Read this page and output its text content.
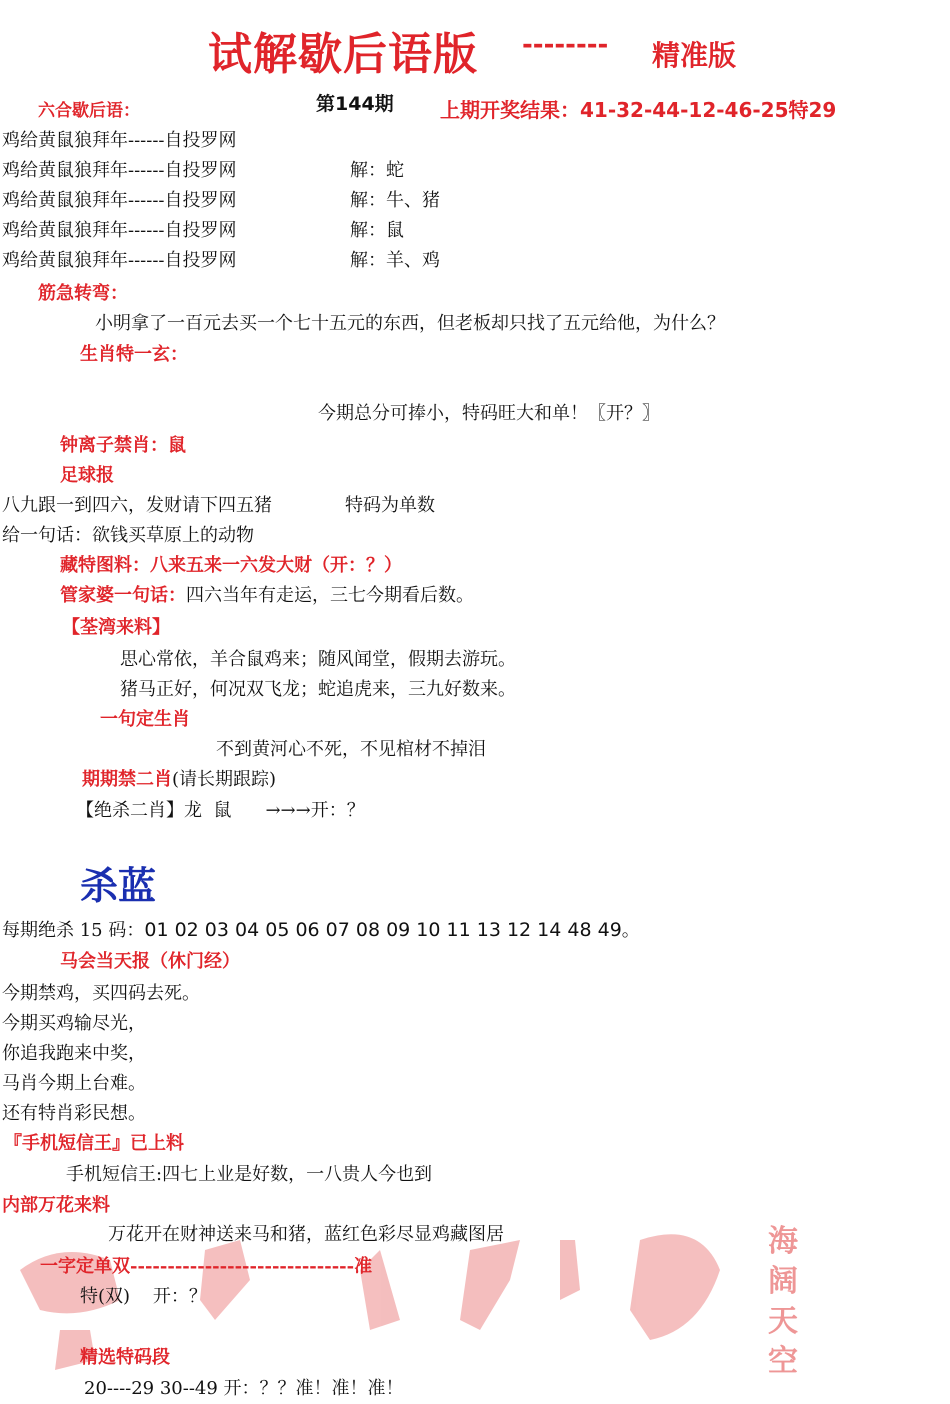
试解歇后语版 -------- 精准版
第144期 上期开奖结果：41-32-44-12-46-25特29
六合歇后语：
鸡给黄鼠狼拜年------自投罗网
鸡给黄鼠狼拜年------自投罗网	解：蛇
鸡给黄鼠狼拜年------自投罗网	解：牛、猪
鸡给黄鼠狼拜年------自投罗网	解：鼠
鸡给黄鼠狼拜年------自投罗网	解：羊、鸡
筋急转弯：
小明拿了一百元去买一个七十五元的东西，但老板却只找了五元给他，为什么？
生肖特一玄：
今期总分可捧小，特码旺大和单！〖开？〗
钟离子禁肖：鼠
足球报
八九跟一到四六，发财请下四五猪	特码为单数
给一句话：欲钱买草原上的动物
藏特图料：八来五来一六发大财（开：？）
管家婆一句话：四六当年有走运，三七今期看后数。
【荃湾来料】
思心常依，羊合鼠鸡来；随风闻堂，假期去游玩。
猪马正好，何况双飞龙；蛇追虎来，三九好数来。
一句定生肖
不到黄河心不死，不见棺材不掉泪
期期禁二肖(请长期跟踪)
【绝杀二肖】龙  鼠 →→→开：？
杀蓝
每期绝杀 15 码：01 02 03 04 05 06 07 08 09 10 11 13 12 14 48 49。
马会当天报（休门经）
今期禁鸡，买四码去死。
今期买鸡输尽光，
你追我跑来中奖，
马肖今期上台难。
还有特肖彩民想。
『手机短信王』已上料
手机短信王:四七上业是好数，一八贵人今也到
内部万花来料
万花开在财神送来马和猪，蓝红色彩尽显鸡藏图居	海阔天空
一字定单双------------------------------准
特(双)    开：？
精选特码段
20----29 30--49 开：？？准！准！准！
